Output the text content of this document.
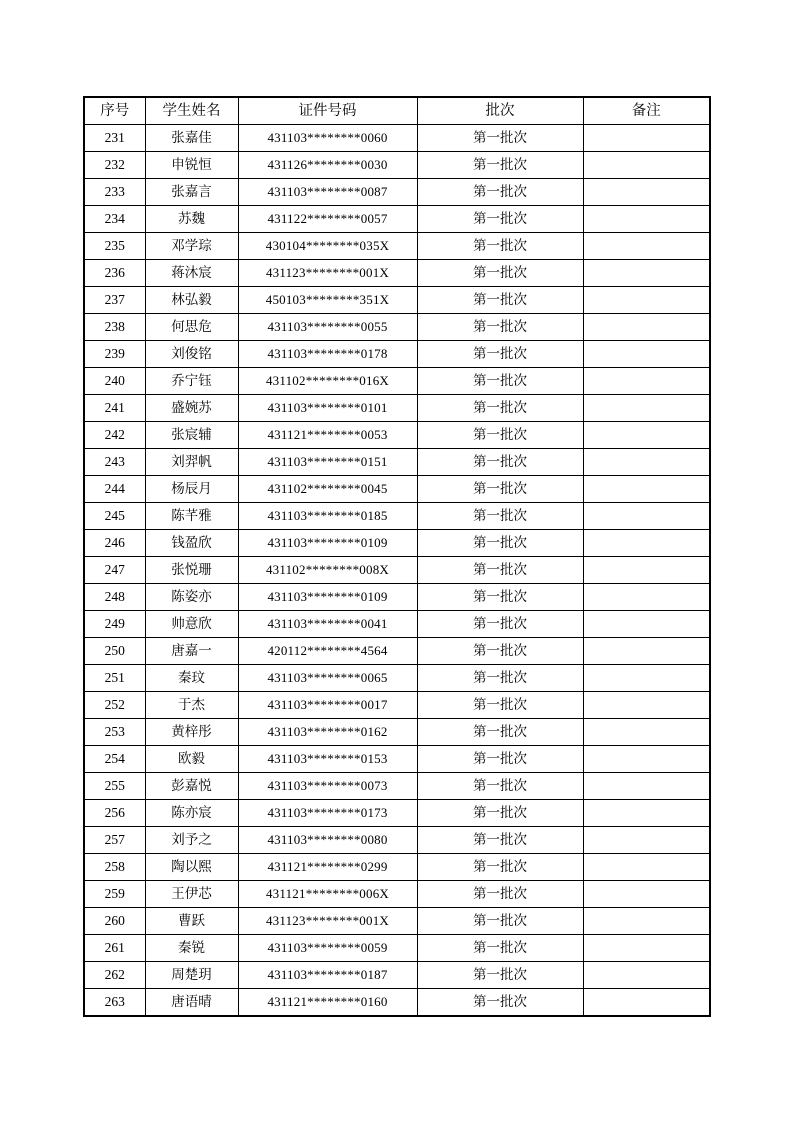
序号	学生姓名	证件号码	批次	备注
231	张嘉佳	431103********0060	第一批次	
232	申锐恒	431126********0030	第一批次	
233	张嘉言	431103********0087	第一批次	
234	苏魏	431122********0057	第一批次	
235	邓学琮	430104********035X	第一批次	
236	蒋沐宸	431123********001X	第一批次	
237	林弘毅	450103********351X	第一批次	
238	何思危	431103********0055	第一批次	
239	刘俊铭	431103********0178	第一批次	
240	乔宁钰	431102********016X	第一批次	
241	盛婉苏	431103********0101	第一批次	
242	张宸辅	431121********0053	第一批次	
243	刘羿帆	431103********0151	第一批次	
244	杨辰月	431102********0045	第一批次	
245	陈芊雅	431103********0185	第一批次	
246	钱盈欣	431103********0109	第一批次	
247	张悦珊	431102********008X	第一批次	
248	陈姿亦	431103********0109	第一批次	
249	帅意欣	431103********0041	第一批次	
250	唐嘉一	420112********4564	第一批次	
251	秦玟	431103********0065	第一批次	
252	于杰	431103********0017	第一批次	
253	黄梓彤	431103********0162	第一批次	
254	欧毅	431103********0153	第一批次	
255	彭嘉悦	431103********0073	第一批次	
256	陈亦宸	431103********0173	第一批次	
257	刘予之	431103********0080	第一批次	
258	陶以熙	431121********0299	第一批次	
259	王伊芯	431121********006X	第一批次	
260	曹跃	431123********001X	第一批次	
261	秦锐	431103********0059	第一批次	
262	周楚玥	431103********0187	第一批次	
263	唐语晴	431121********0160	第一批次	
